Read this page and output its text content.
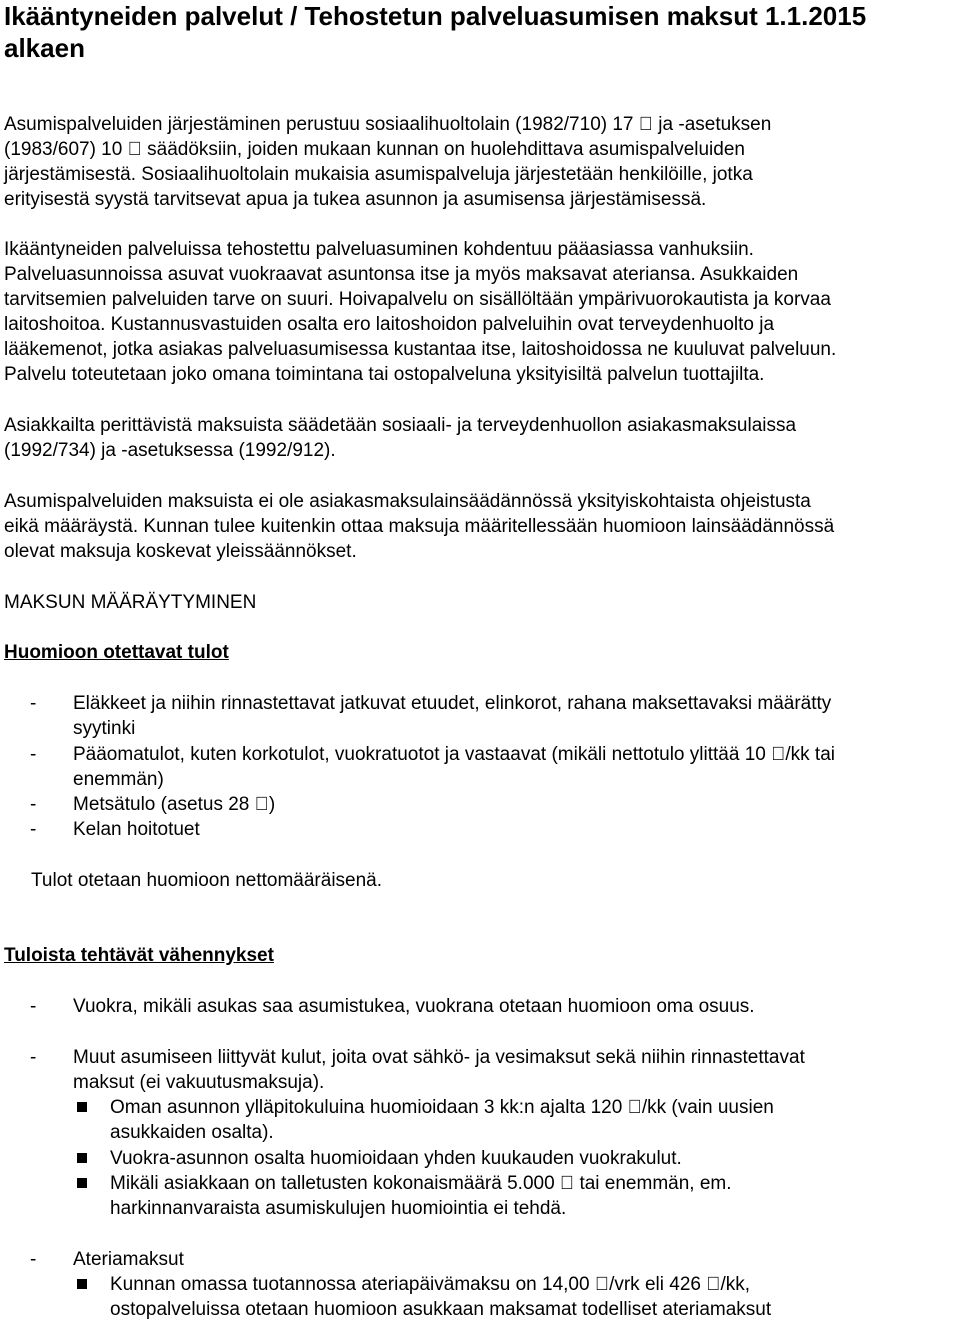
Ikääntyneiden palvelut / Tehostetun palveluasumisen maksut 1.1.2015
alkaen

Asumispalveluiden järjestäminen perustuu sosiaalihuoltolain (1982/710) 17 ja -asetuksen

(1983/607) 10 säädöksiin, joiden mukaan kunnan on huolehdittava asumispalveluiden

järjestämisestä. Sosiaalihuoltolain mukaisia asumispalveluja järjestetään henkilöille, jotka

erityisestä syystä tarvitsevat apua ja tukea asunnon ja asumisensa järjestämisessä.

Ikääntyneiden palveluissa tehostettu palveluasuminen kohdentuu pääasiassa vanhuksiin.

Palveluasunnoissa asuvat vuokraavat asuntonsa itse ja myös maksavat ateriansa. Asukkaiden

tarvitsemien palveluiden tarve on suuri. Hoivapalvelu on sisällöltään ympärivuorokautista ja korvaa

laitoshoitoa. Kustannusvastuiden osalta ero laitoshoidon palveluihin ovat terveydenhuolto ja

lääkemenot, jotka asiakas palveluasumisessa kustantaa itse, laitoshoidossa ne kuuluvat palveluun.

Palvelu toteutetaan joko omana toimintana tai ostopalveluna yksityisiltä palvelun tuottajilta.

Asiakkailta perittävistä maksuista säädetään sosiaali- ja terveydenhuollon asiakasmaksulaissa

(1992/734) ja -asetuksessa (1992/912).

Asumispalveluiden maksuista ei ole asiakasmaksulainsäädännössä yksityiskohtaista ohjeistusta

eikä määräystä. Kunnan tulee kuitenkin ottaa maksuja määritellessään huomioon lainsäädännössä

olevat maksuja koskevat yleissäännökset.

MAKSUN MÄÄRÄYTYMINEN
Huomioon otettavat tulot
- Eläkkeet ja niihin rinnastettavat jatkuvat etuudet, elinkorot, rahana maksettavaksi määrätty

syytinki

- Pääomatulot, kuten korkotulot, vuokratuotot ja vastaavat (mikäli nettotulo ylittää 10 /kk tai

enemmän)

- Metsätulo (asetus 28 )

- Kelan hoitotuet

Tulot otetaan huomioon nettomääräisenä.
Tuloista tehtävät vähennykset
- Vuokra, mikäli asukas saa asumistukea, vuokrana otetaan huomioon oma osuus.

- Muut asumiseen liittyvät kulut, joita ovat sähkö- ja vesimaksut sekä niihin rinnastettavat

maksut (ei vakuutusmaksuja).

Oman asunnon ylläpitokuluina huomioidaan 3 kk:n ajalta 120 /kk (vain uusien

asukkaiden osalta).

Vuokra-asunnon osalta huomioidaan yhden kuukauden vuokrakulut.

Mikäli asiakkaan on talletusten kokonaismäärä 5.000 tai enemmän, em.

harkinnanvaraista asumiskulujen huomiointia ei tehdä.

- Ateriamaksut

Kunnan omassa tuotannossa ateriapäivämaksu on 14,00 /vrk eli 426 /kk,

ostopalveluissa otetaan huomioon asukkaan maksamat todelliset ateriamaksut
